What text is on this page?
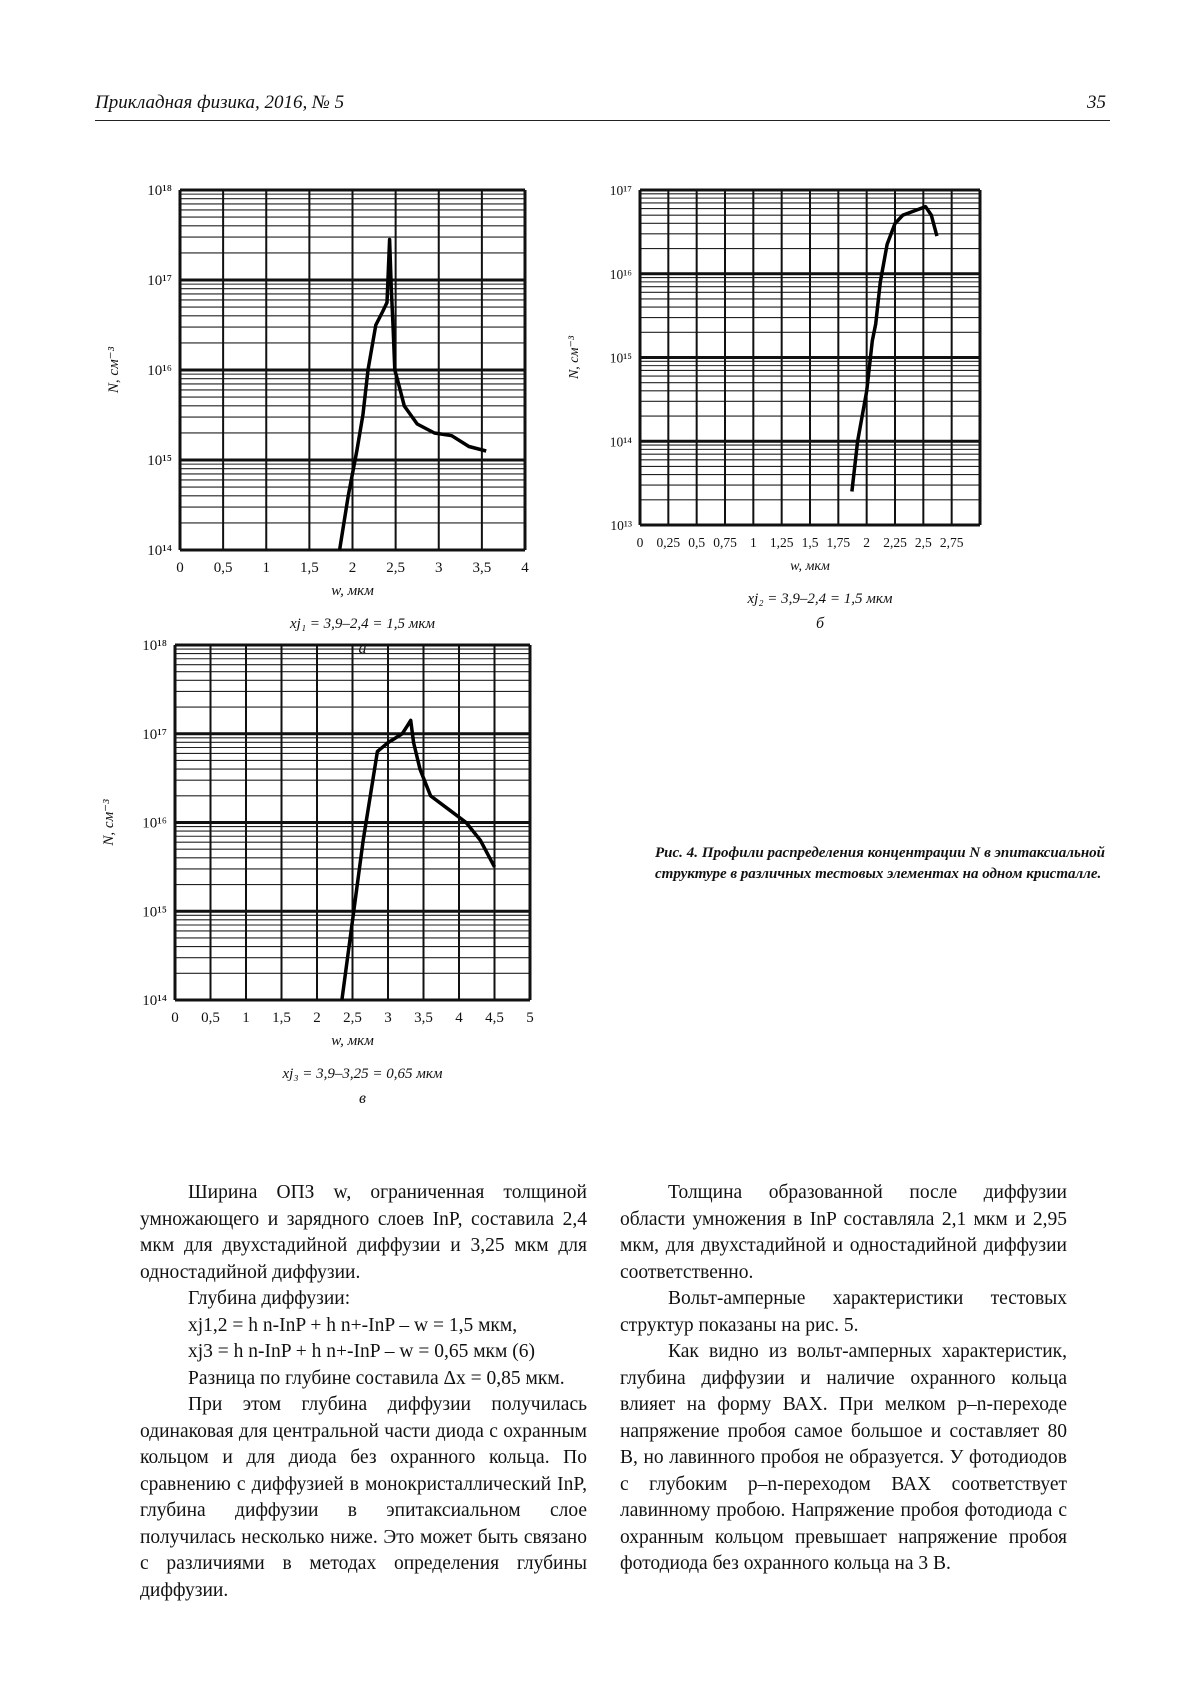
Прикладная физика, 2016, № 5	35
10¹⁸
10¹⁷
10¹⁶
10¹⁵
10¹⁴
0 0,5 1 1,5 2 2,5 3 3,5 4
w, мкм
N, см⁻³
xj₁ = 3,9–2,4 = 1,5 мкм
а
10¹⁷
10¹⁶
10¹⁵
10¹⁴
10¹³
0 0,25 0,5 0,75 1 1,25 1,5 1,75 2 2,25 2,5 2,75
w, мкм
N, см⁻³
xj₂ = 3,9–2,4 = 1,5 мкм
б
10¹⁸
10¹⁷
10¹⁶
10¹⁵
10¹⁴
0 0,5 1 1,5 2 2,5 3 3,5 4 4,5 5
w, мкм
N, см⁻³
xj₃ = 3,9–3,25 = 0,65 мкм
в
Рис. 4. Профили распределения концентрации N в эпитаксиальной структуре в различных тестовых элементах на одном кристалле.

Ширина ОПЗ w, ограниченная толщиной умножающего и зарядного слоев InP, составила 2,4 мкм для двухстадийной диффузии и 3,25 мкм для одностадийной диффузии.

Глубина диффузии:

xj1,2 = h n-InP + h n+-InP – w = 1,5 мкм,

xj3 = h n-InP + h n+-InP – w = 0,65 мкм (6)

Разница по глубине составила Δx = 0,85 мкм.

При этом глубина диффузии получилась одинаковая для центральной части диода с охранным кольцом и для диода без охранного кольца. По сравнению с диффузией в монокристаллический InP, глубина диффузии в эпитаксиальном слое получилась несколько ниже. Это может быть связано с различиями в методах определения глубины диффузии.

Толщина образованной после диффузии области умножения в InP составляла 2,1 мкм и 2,95 мкм, для двухстадийной и одностадийной диффузии соответственно.

Вольт-амперные характеристики тестовых структур показаны на рис. 5.

Как видно из вольт-амперных характеристик, глубина диффузии и наличие охранного кольца влияет на форму ВАХ. При мелком p–n-переходе напряжение пробоя самое большое и составляет 80 В, но лавинного пробоя не образуется. У фотодиодов с глубоким p–n-переходом ВАХ соответствует лавинному пробою. Напряжение пробоя фотодиода с охранным кольцом превышает напряжение пробоя фотодиода без охранного кольца на 3 В.
